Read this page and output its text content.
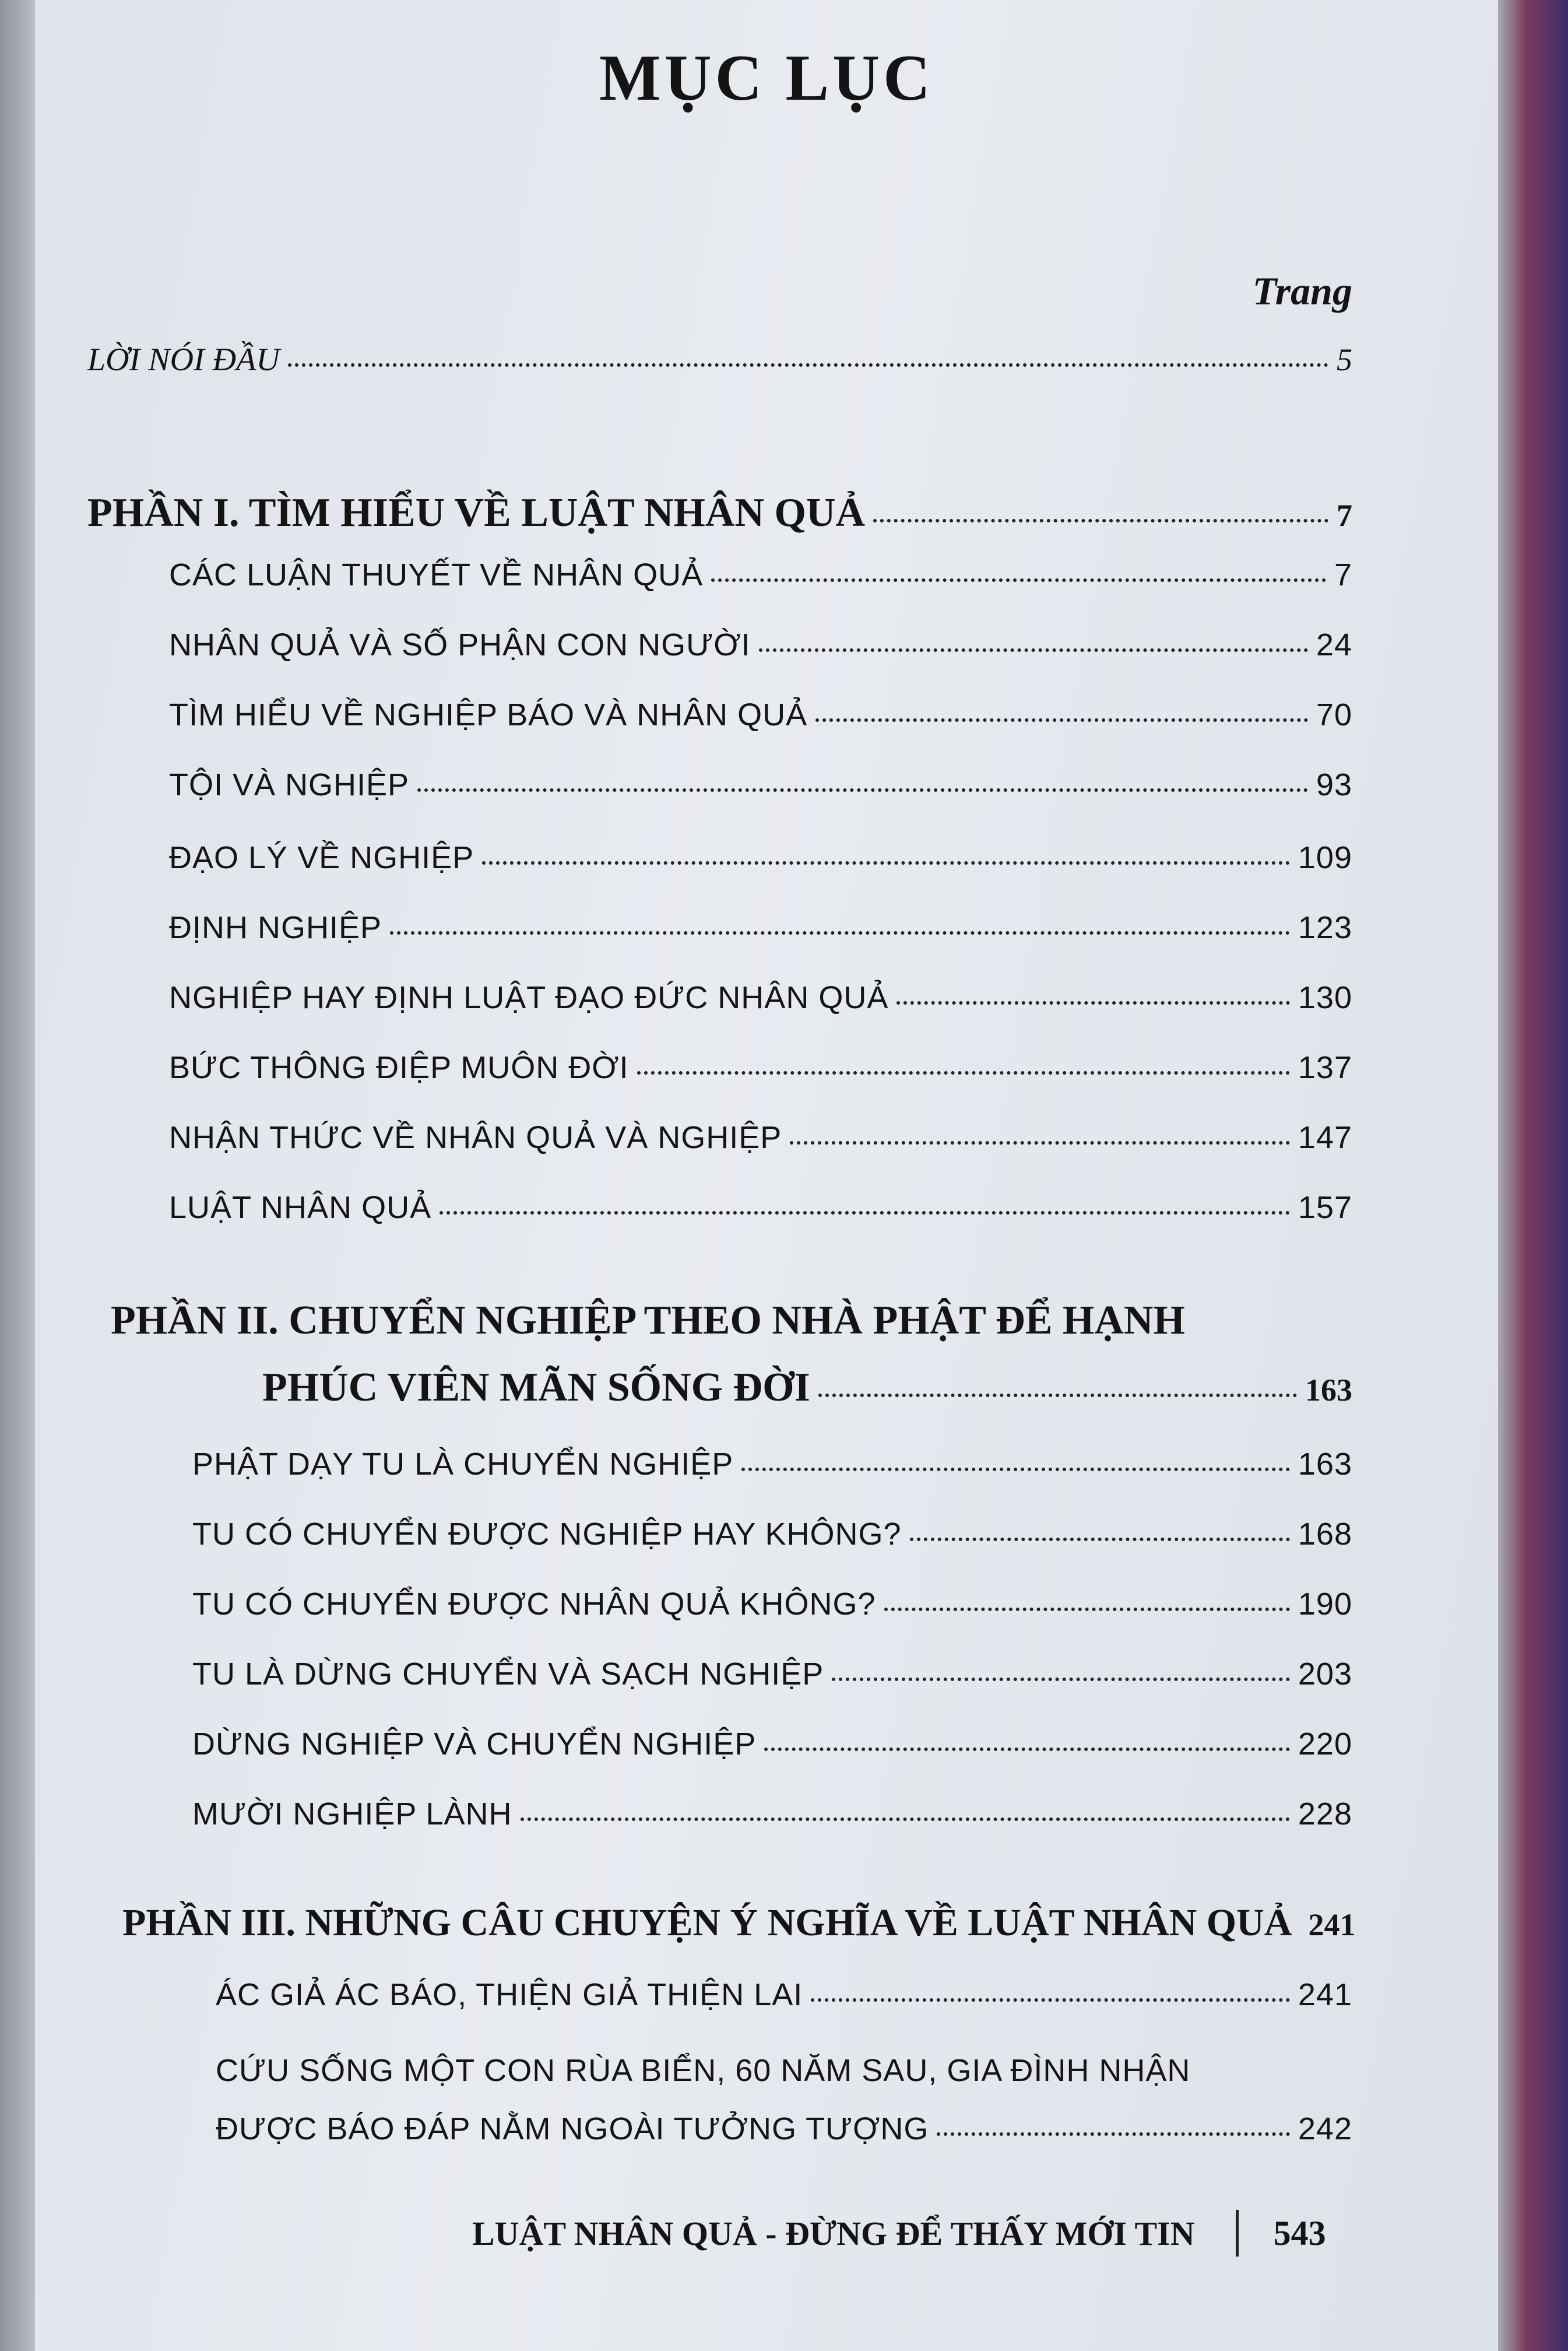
MỤC LỤC
Trang
LỜI NÓI ĐẦU	5
PHẦN I. TÌM HIỂU VỀ LUẬT NHÂN QUẢ	7
CÁC LUẬN THUYẾT VỀ NHÂN QUẢ	7
NHÂN QUẢ VÀ SỐ PHẬN CON NGƯỜI	24
TÌM HIỂU VỀ NGHIỆP BÁO VÀ NHÂN QUẢ	70
TỘI VÀ NGHIỆP	93
ĐẠO LÝ VỀ NGHIỆP	109
ĐỊNH NGHIỆP	123
NGHIỆP HAY ĐỊNH LUẬT ĐẠO ĐỨC NHÂN QUẢ	130
BỨC THÔNG ĐIỆP MUÔN ĐỜI	137
NHẬN THỨC VỀ NHÂN QUẢ VÀ NGHIỆP	147
LUẬT NHÂN QUẢ	157
PHẦN II. CHUYỂN NGHIỆP THEO NHÀ PHẬT ĐỂ HẠNH
PHÚC VIÊN MÃN SỐNG ĐỜI	163
PHẬT DẠY TU LÀ CHUYỂN NGHIỆP	163
TU CÓ CHUYỂN ĐƯỢC NGHIỆP HAY KHÔNG?	168
TU CÓ CHUYỂN ĐƯỢC NHÂN QUẢ KHÔNG?	190
TU LÀ DỪNG CHUYỂN VÀ SẠCH NGHIỆP	203
DỪNG NGHIỆP VÀ CHUYỂN NGHIỆP	220
MƯỜI NGHIỆP LÀNH	228
PHẦN III. NHỮNG CÂU CHUYỆN Ý NGHĨA VỀ LUẬT NHÂN QUẢ 241
ÁC GIẢ ÁC BÁO, THIỆN GIẢ THIỆN LAI	241
CỨU SỐNG MỘT CON RÙA BIỂN, 60 NĂM SAU, GIA ĐÌNH NHẬN
ĐƯỢC BÁO ĐÁP NẰM NGOÀI TƯỞNG TƯỢNG	242
LUẬT NHÂN QUẢ - ĐỪNG ĐỂ THẤY MỚI TIN 543
